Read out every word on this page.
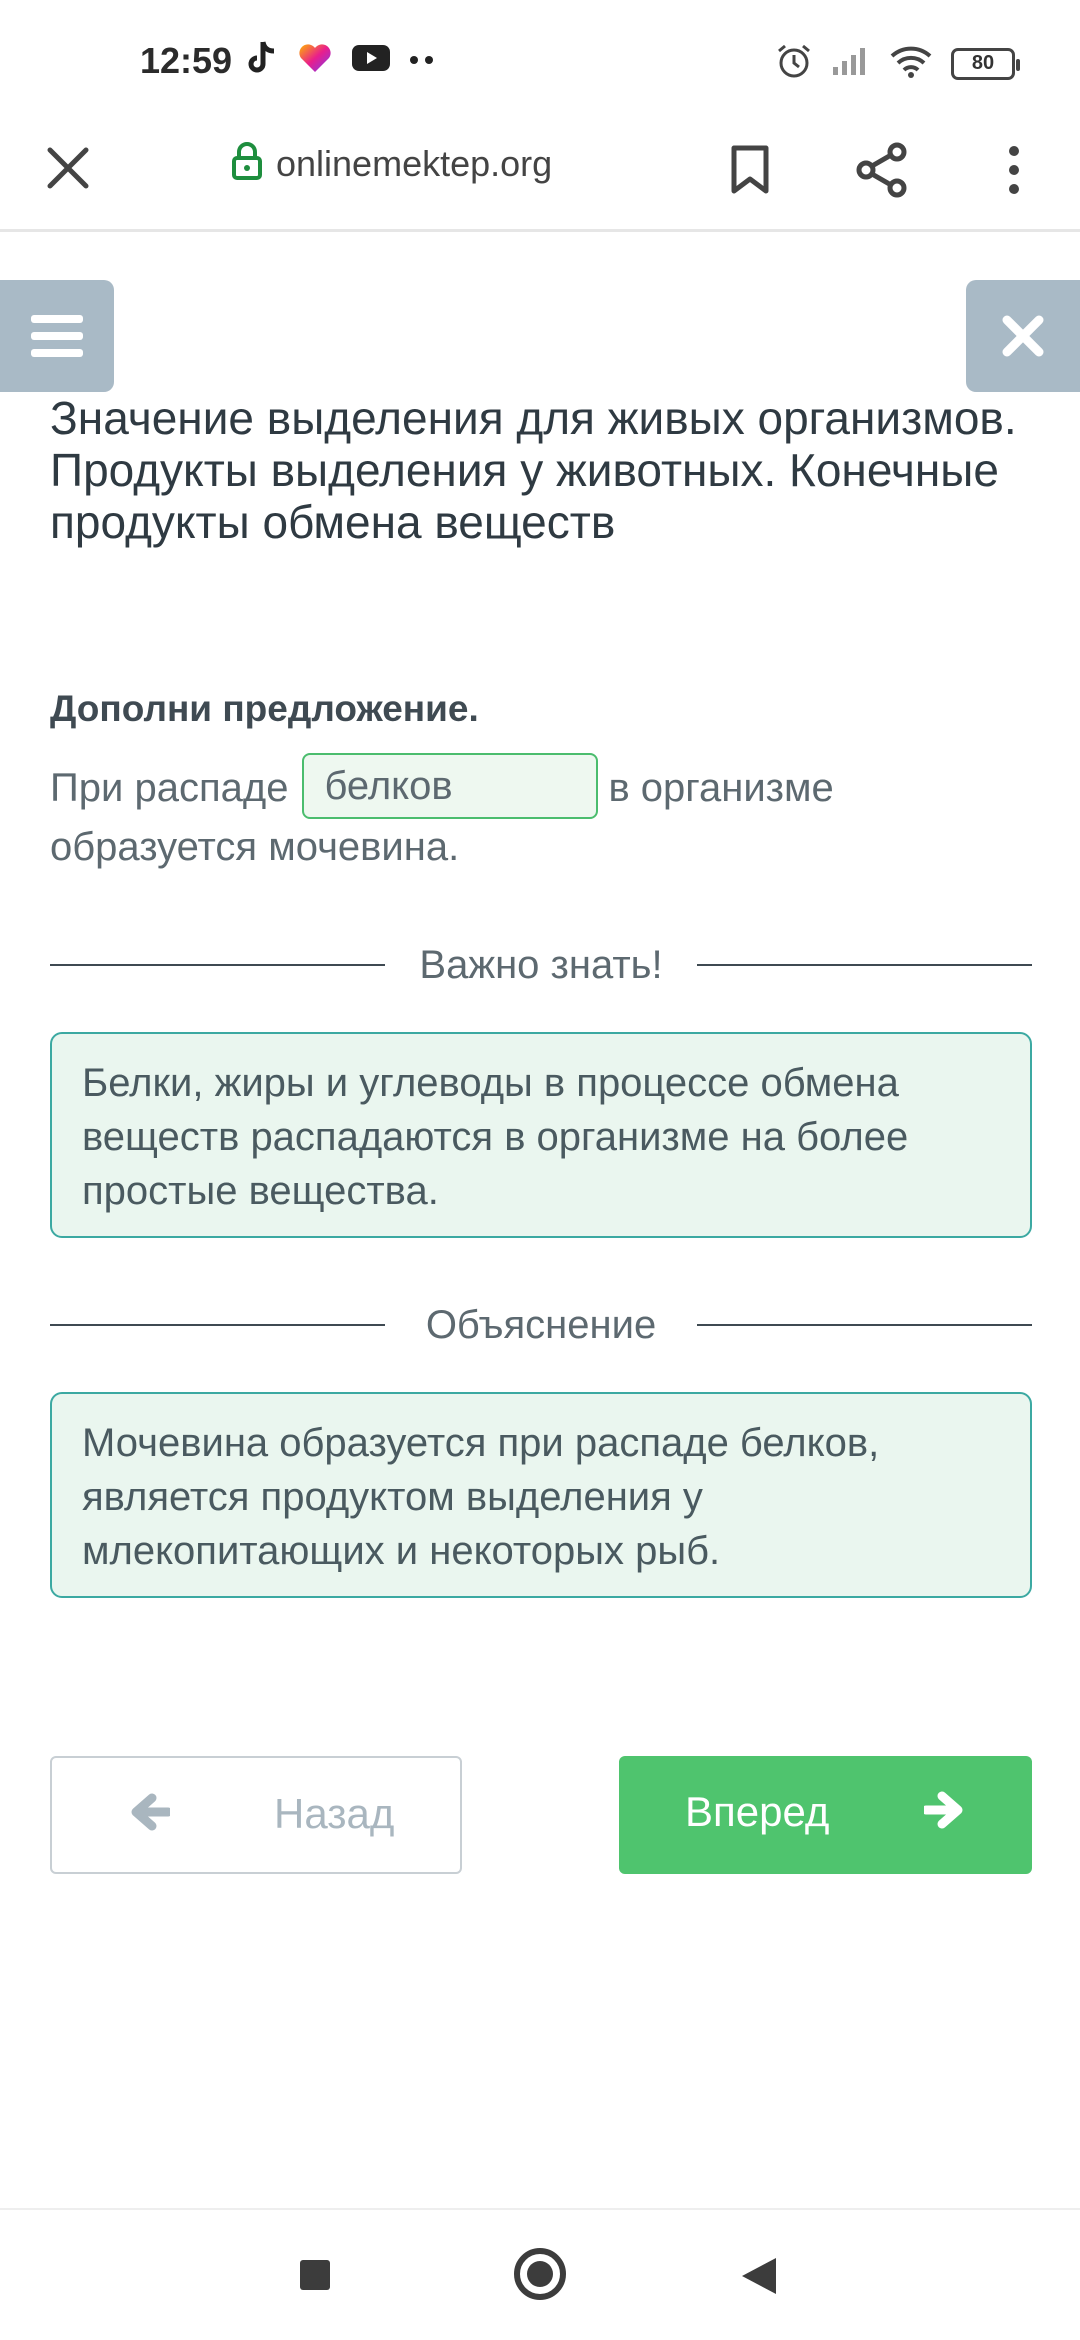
12:59	80
onlinemektep.org
Значение выделения для живых организмов. Продукты выделения у животных. Конечные продукты обмена веществ
Дополни предложение.
При распаде белков	в организме образуется мочевина.
Важно знать!
Белки, жиры и углеводы в процессе обмена веществ распадаются в организме на более простые вещества.
Объяснение
Мочевина образуется при распаде белков, является продуктом выделения у млекопитающих и некоторых рыб.
Назад	Вперед
